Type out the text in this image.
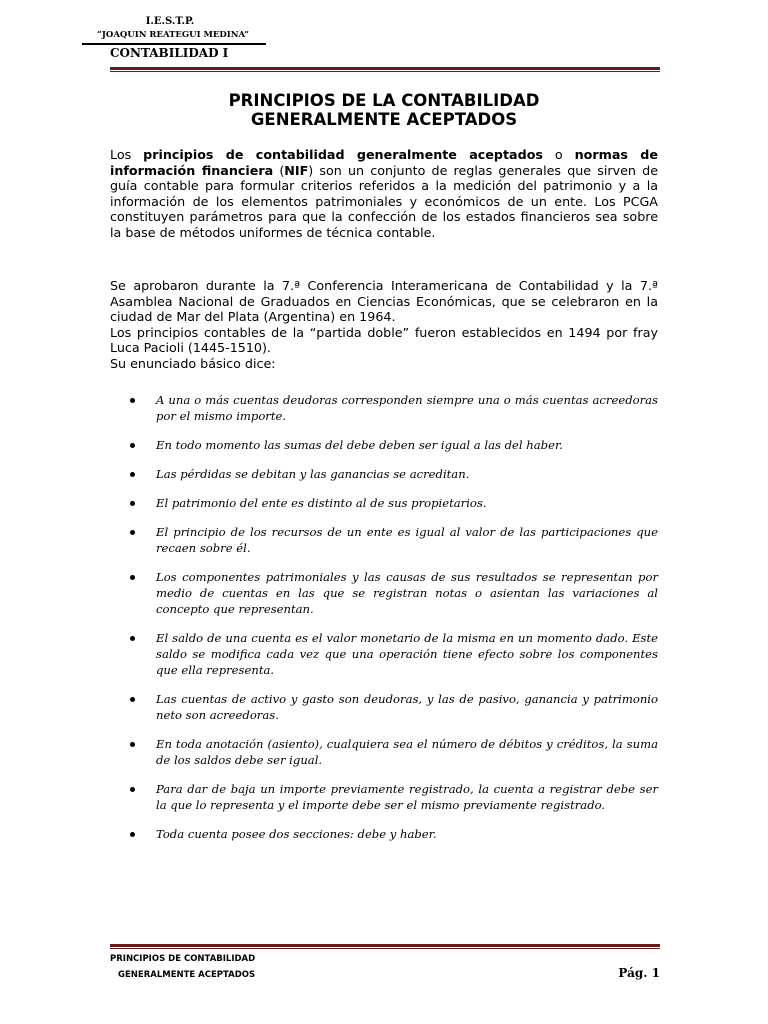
I.E.S.T.P.
“JOAQUIN REATEGUI MEDINA”
CONTABILIDAD I
PRINCIPIOS DE LA CONTABILIDAD
GENERALMENTE ACEPTADOS
Los principios de contabilidad generalmente aceptados o normas de información financiera (NIF) son un conjunto de reglas generales que sirven de guía contable para formular criterios referidos a la medición del patrimonio y a la información de los elementos patrimoniales y económicos de un ente. Los PCGA constituyen parámetros para que la confección de los estados financieros sea sobre la base de métodos uniformes de técnica contable.
Se aprobaron durante la 7.ª Conferencia Interamericana de Contabilidad y la 7.ª Asamblea Nacional de Graduados en Ciencias Económicas, que se celebraron en la ciudad de Mar del Plata (Argentina) en 1964.
Los principios contables de la “partida doble” fueron establecidos en 1494 por fray Luca Pacioli (1445-1510).
Su enunciado básico dice:
A una o más cuentas deudoras corresponden siempre una o más cuentas acreedoras por el mismo importe.
En todo momento las sumas del debe deben ser igual a las del haber.
Las pérdidas se debitan y las ganancias se acreditan.
El patrimonio del ente es distinto al de sus propietarios.
El principio de los recursos de un ente es igual al valor de las participaciones que recaen sobre él.
Los componentes patrimoniales y las causas de sus resultados se representan por medio de cuentas en las que se registran notas o asientan las variaciones al concepto que representan.
El saldo de una cuenta es el valor monetario de la misma en un momento dado. Este saldo se modifica cada vez que una operación tiene efecto sobre los componentes que ella representa.
Las cuentas de activo y gasto son deudoras, y las de pasivo, ganancia y patrimonio neto son acreedoras.
En toda anotación (asiento), cualquiera sea el número de débitos y créditos, la suma de los saldos debe ser igual.
Para dar de baja un importe previamente registrado, la cuenta a registrar debe ser la que lo representa y el importe debe ser el mismo previamente registrado.
Toda cuenta posee dos secciones: debe y haber.
PRINCIPIOS DE CONTABILIDAD
GENERALMENTE ACEPTADOS	Pág. 1
